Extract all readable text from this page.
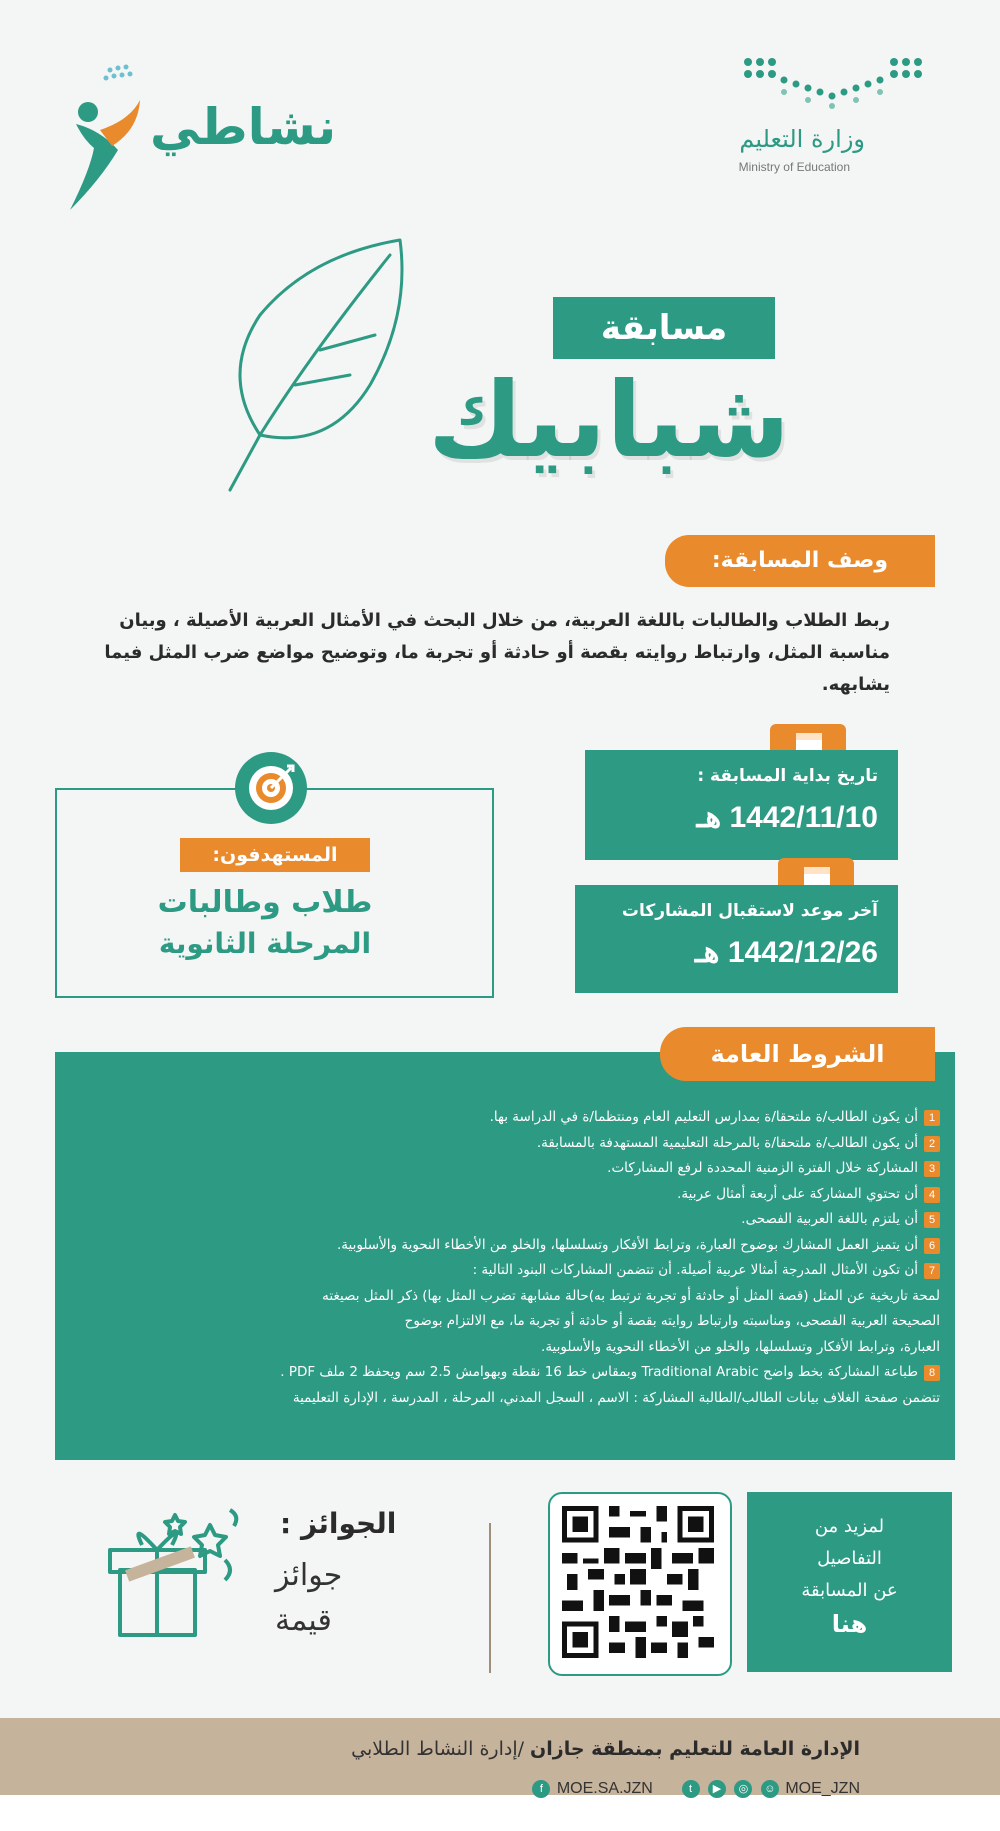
وزارة التعليم
Ministry of Education
نشاطي
مسابقة
شبابيك
وصف المسابقة:
ربط الطلاب والطالبات باللغة العربية، من خلال البحث في الأمثال العربية الأصيلة ، وبيان مناسبة المثل، وارتباط روايته بقصة أو حادثة أو تجربة ما، وتوضيح مواضع ضرب المثل فيما يشابهه.
المستهدفون:
طلاب وطالبات
المرحلة الثانوية
تاريخ بداية المسابقة :
1442/11/10 هـ
آخر موعد لاستقبال المشاركات
1442/12/26 هـ
الشروط العامة
1أن يكون الطالب/ة ملتحقا/ة بمدارس التعليم العام ومنتظما/ة في الدراسة بها.
2أن يكون الطالب/ة ملتحقا/ة بالمرحلة التعليمية المستهدفة بالمسابقة.
3المشاركة خلال الفترة الزمنية المحددة لرفع المشاركات.
4أن تحتوي المشاركة على أربعة أمثال عربية.
5أن يلتزم باللغة العربية الفصحى.
6أن يتميز العمل المشارك بوضوح العبارة، وترابط الأفكار وتسلسلها، والخلو من الأخطاء النحوية والأسلوبية.
7أن تكون الأمثال المدرجة أمثالا عربية أصيلة. أن تتضمن المشاركات البنود التالية :
لمحة تاريخية عن المثل (قصة المثل أو حادثة أو تجربة ترتبط به)حالة مشابهة تضرب المثل بها) ذكر المثل بصيغته
الصحيحة العربية الفصحى، ومناسبته وارتباط روايته بقصة أو حادثة أو تجربة ما، مع الالتزام بوضوح
العبارة، وترابط الأفكار وتسلسلها، والخلو من الأخطاء النحوية والأسلوبية.
8طباعة المشاركة بخط واضح Traditional Arabic وبمقاس خط 16 نقطة وبهوامش 2.5 سم ويحفظ 2 ملف PDF .
تتضمن صفحة الغلاف بيانات الطالب/الطالبة المشاركة : الاسم ، السجل المدني، المرحلة ، المدرسة ، الإدارة التعليمية
الجوائز :
جوائز
قيمة
لمزيد من
التفاصيل
عن المسابقة
هنا
الإدارة العامة للتعليم بمنطقة جازان /إدارة النشاط الطلابي
f MOE.SA.JZN	t ▶ ◎ ☺ MOE_JZN
